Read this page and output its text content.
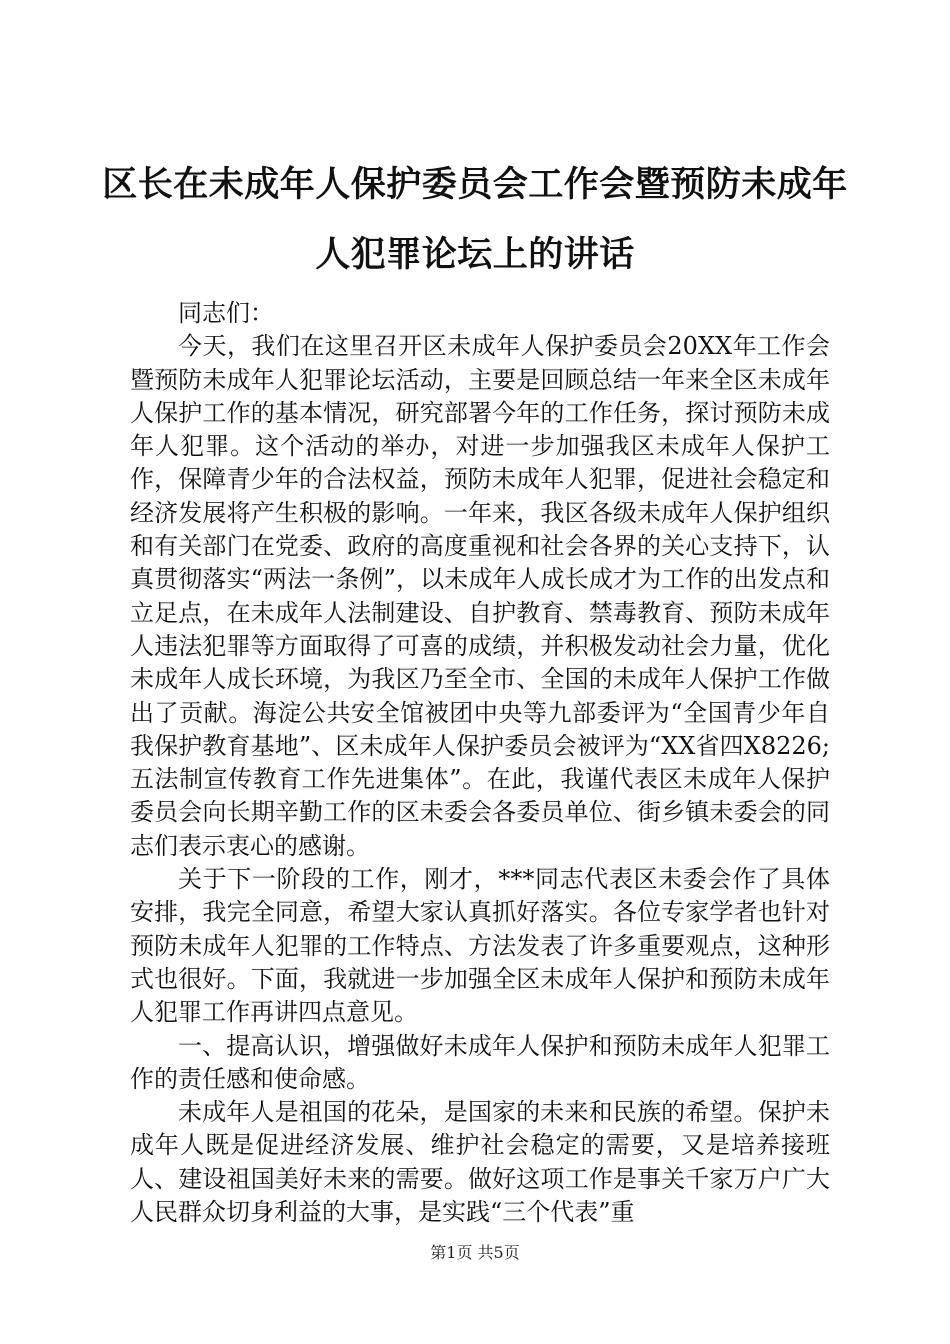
区长在未成年人保护委员会工作会暨预防未成年人犯罪论坛上的讲话

同志们：

今天，我们在这里召开区未成年人保护委员会20XX年工作会暨预防未成年人犯罪论坛活动，主要是回顾总结一年来全区未成年人保护工作的基本情况，研究部署今年的工作任务，探讨预防未成年人犯罪。这个活动的举办，对进一步加强我区未成年人保护工作，保障青少年的合法权益，预防未成年人犯罪，促进社会稳定和经济发展将产生积极的影响。一年来，我区各级未成年人保护组织和有关部门在党委、政府的高度重视和社会各界的关心支持下，认真贯彻落实“两法一条例”，以未成年人成长成才为工作的出发点和立足点，在未成年人法制建设、自护教育、禁毒教育、预防未成年人违法犯罪等方面取得了可喜的成绩，并积极发动社会力量，优化未成年人成长环境，为我区乃至全市、全国的未成年人保护工作做出了贡献。海淀公共安全馆被团中央等九部委评为“全国青少年自我保护教育基地”、区未成年人保护委员会被评为“XX省四X8226;五法制宣传教育工作先进集体”。在此，我谨代表区未成年人保护委员会向长期辛勤工作的区未委会各委员单位、街乡镇未委会的同志们表示衷心的感谢。

关于下一阶段的工作，刚才，***同志代表区未委会作了具体安排，我完全同意，希望大家认真抓好落实。各位专家学者也针对预防未成年人犯罪的工作特点、方法发表了许多重要观点，这种形式也很好。下面，我就进一步加强全区未成年人保护和预防未成年人犯罪工作再讲四点意见。

一、提高认识，增强做好未成年人保护和预防未成年人犯罪工作的责任感和使命感。

未成年人是祖国的花朵，是国家的未来和民族的希望。保护未成年人既是促进经济发展、维护社会稳定的需要，又是培养接班人、建设祖国美好未来的需要。做好这项工作是事关千家万户广大人民群众切身利益的大事，是实践“三个代表”重

第1页 共5页
